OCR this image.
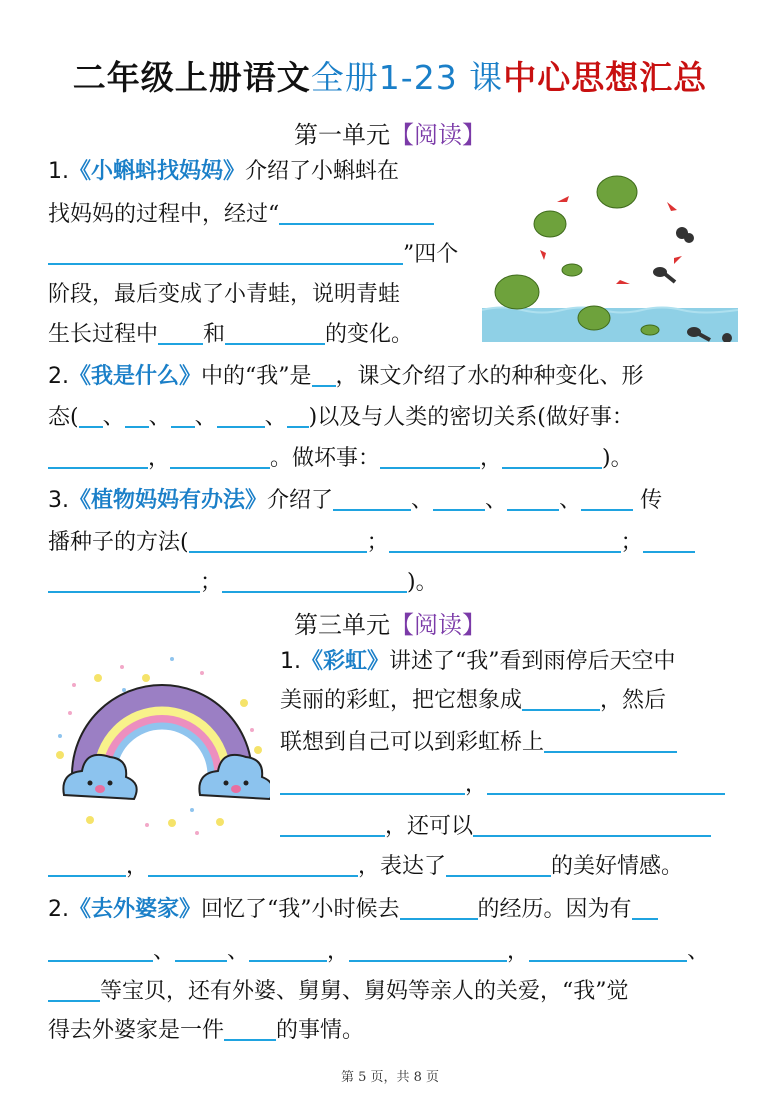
二年级上册语文全册1-23 课中心思想汇总
第一单元【阅读】
1.《小蝌蚪找妈妈》介绍了小蝌蚪在
找妈妈的过程中，经过“
”四个
阶段，最后变成了小青蛙，说明青蛙
生长过程中 和	的变化。
2.《我是什么》中的“我”是 ，课文介绍了水的种种变化、形
态( 、 、 、 、 )以及与人类的密切关系(做好事：
，	。做坏事：	，	)。
3.《植物妈妈有办法》介绍了	、 、 、	传
播种子的方法(	；	；
；	)。
第三单元【阅读】
1.《彩虹》讲述了“我”看到雨停后天空中
美丽的彩虹，把它想象成	，然后
联想到自己可以到彩虹桥上
，
，还可以
，	，表达了	的美好情感。
2.《去外婆家》回忆了“我”小时候去	的经历。因为有
、 、	，	，	、
等宝贝，还有外婆、舅舅、舅妈等亲人的关爱，“我”觉
得去外婆家是一件 的事情。
第 5 页，共 8 页
